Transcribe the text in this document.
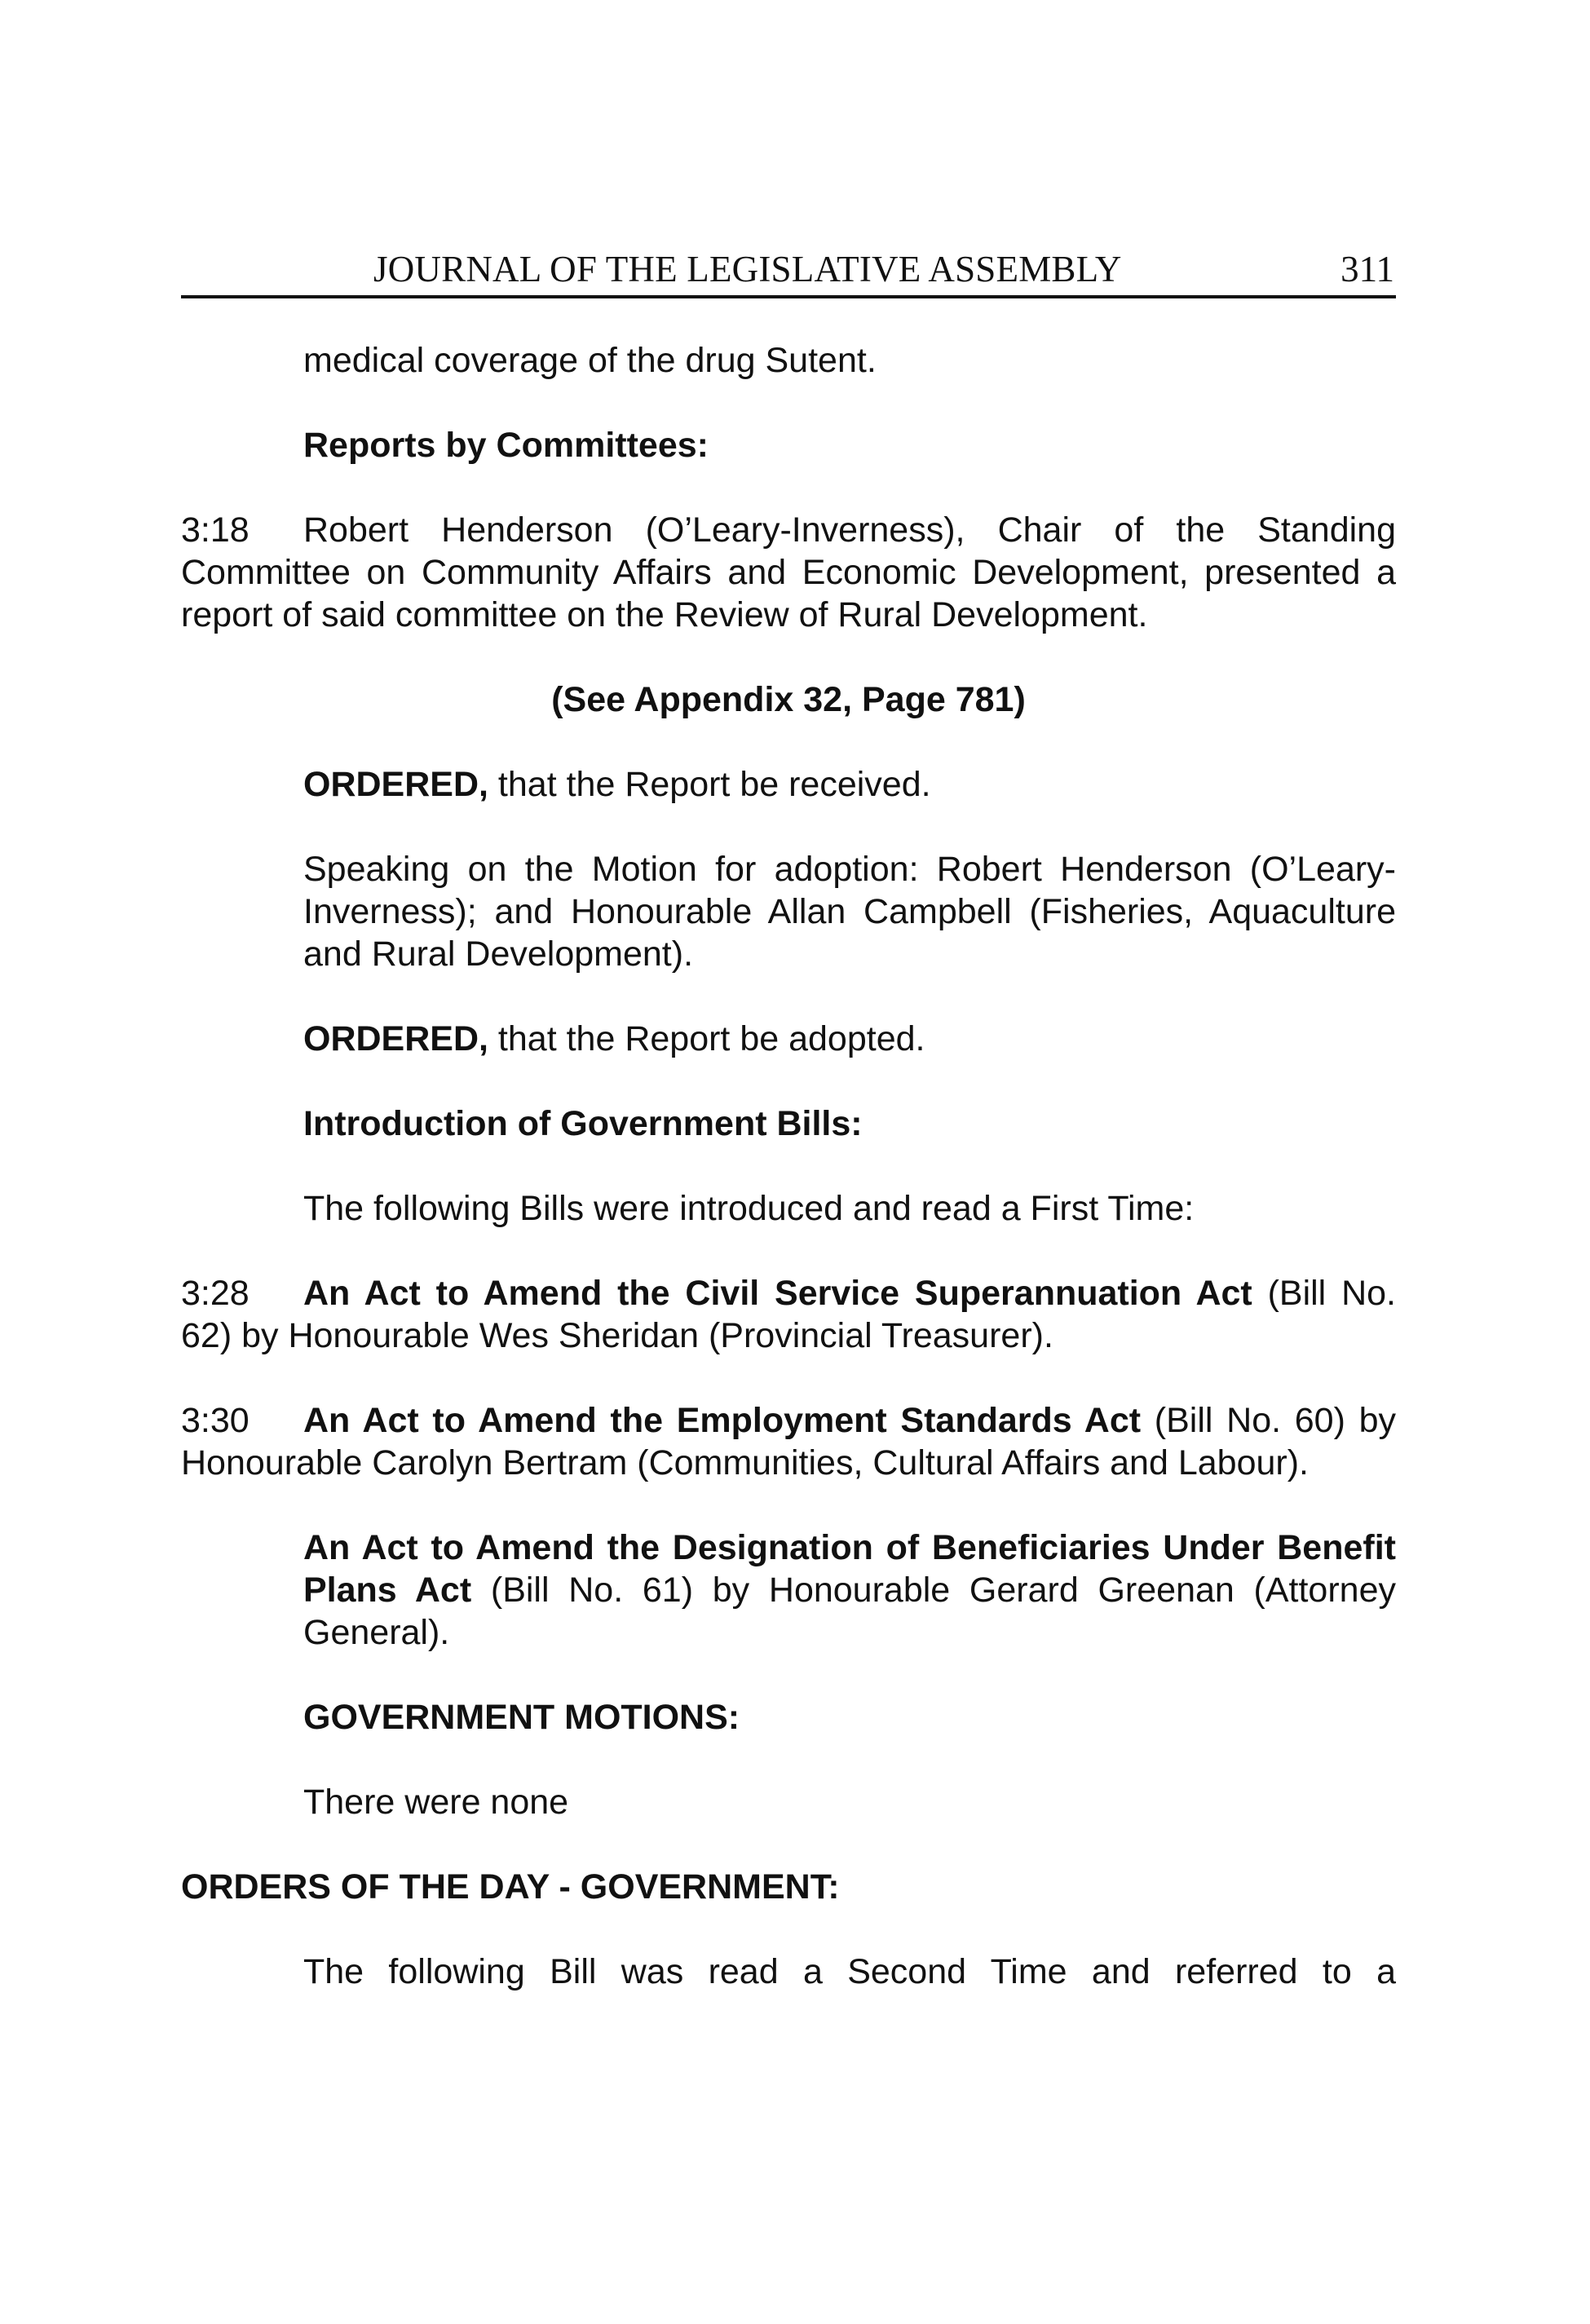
JOURNAL OF THE LEGISLATIVE ASSEMBLY	311

medical coverage of the drug Sutent.

Reports by Committees:

3:18 Robert Henderson (O’Leary-Inverness), Chair of the Standing Committee on Community Affairs and Economic Development, presented a report of said committee on the Review of Rural Development.

(See Appendix 32, Page 781)

ORDERED, that the Report be received.

Speaking on the Motion for adoption: Robert Henderson (O’Leary-Inverness); and Honourable Allan Campbell (Fisheries, Aquaculture and Rural Development).

ORDERED, that the Report be adopted.

Introduction of Government Bills:

The following Bills were introduced and read a First Time:

3:28 An Act to Amend the Civil Service Superannuation Act (Bill No. 62) by Honourable Wes Sheridan (Provincial Treasurer).

3:30 An Act to Amend the Employment Standards Act (Bill No. 60) by Honourable Carolyn Bertram (Communities, Cultural Affairs and Labour).

An Act to Amend the Designation of Beneficiaries Under Benefit Plans Act (Bill No. 61) by Honourable Gerard Greenan (Attorney General).

GOVERNMENT MOTIONS:

There were none

ORDERS OF THE DAY - GOVERNMENT:

The following Bill was read a Second Time and referred to a
